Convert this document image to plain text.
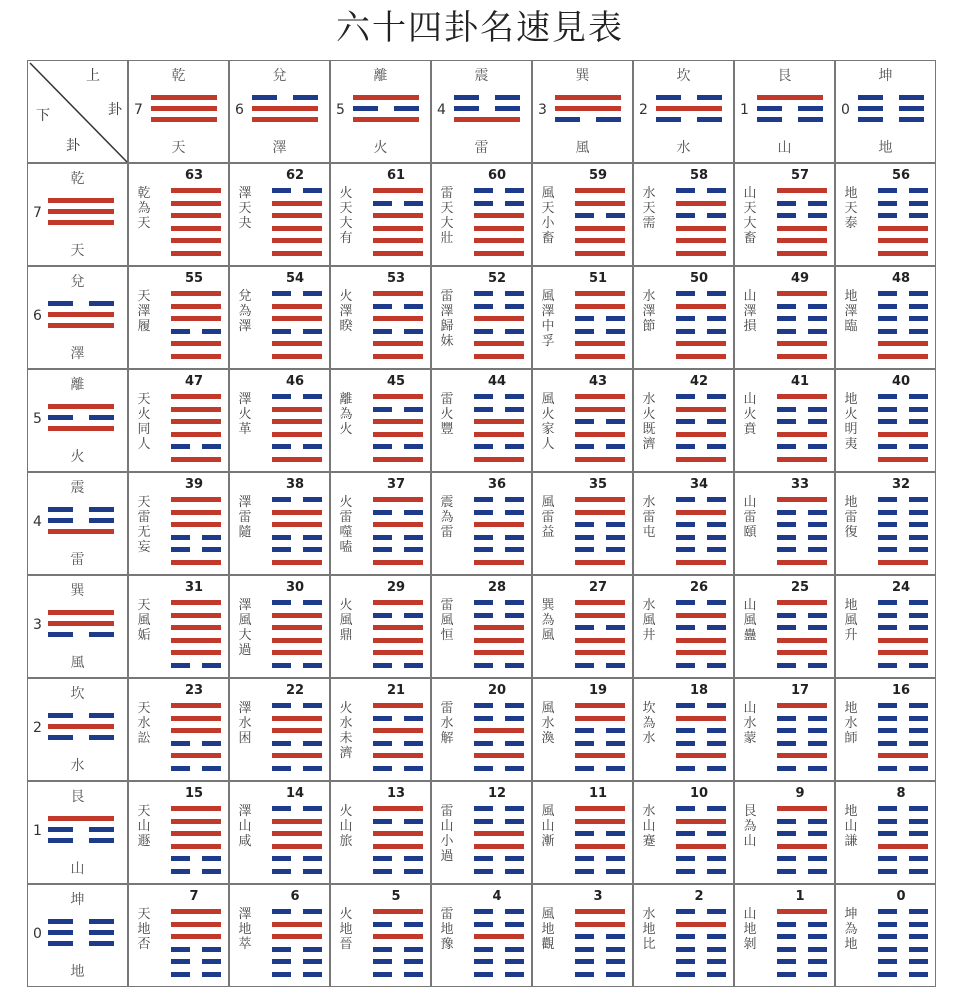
六十四卦名速見表
上
卦
下
卦
乾
7
天
兌
6
澤
離
5
火
震
4
雷
巽
3
風
坎
2
水
艮
1
山
坤
0
地
乾
7
天
兌
6
澤
離
5
火
震
4
雷
巽
3
風
坎
2
水
艮
1
山
坤
0
地
63
乾為天
62
澤天夬
61
火天大有
60
雷天大壯
59
風天小畜
58
水天需
57
山天大畜
56
地天泰
55
天澤履
54
兌為澤
53
火澤睽
52
雷澤歸妹
51
風澤中孚
50
水澤節
49
山澤損
48
地澤臨
47
天火同人
46
澤火革
45
離為火
44
雷火豐
43
風火家人
42
水火既濟
41
山火賁
40
地火明夷
39
天雷无妄
38
澤雷隨
37
火雷噬嗑
36
震為雷
35
風雷益
34
水雷屯
33
山雷頤
32
地雷復
31
天風姤
30
澤風大過
29
火風鼎
28
雷風恒
27
巽為風
26
水風井
25
山風蠱
24
地風升
23
天水訟
22
澤水困
21
火水未濟
20
雷水解
19
風水渙
18
坎為水
17
山水蒙
16
地水師
15
天山遯
14
澤山咸
13
火山旅
12
雷山小過
11
風山漸
10
水山蹇
9
艮為山
8
地山謙
7
天地否
6
澤地萃
5
火地晉
4
雷地豫
3
風地觀
2
水地比
1
山地剝
0
坤為地
